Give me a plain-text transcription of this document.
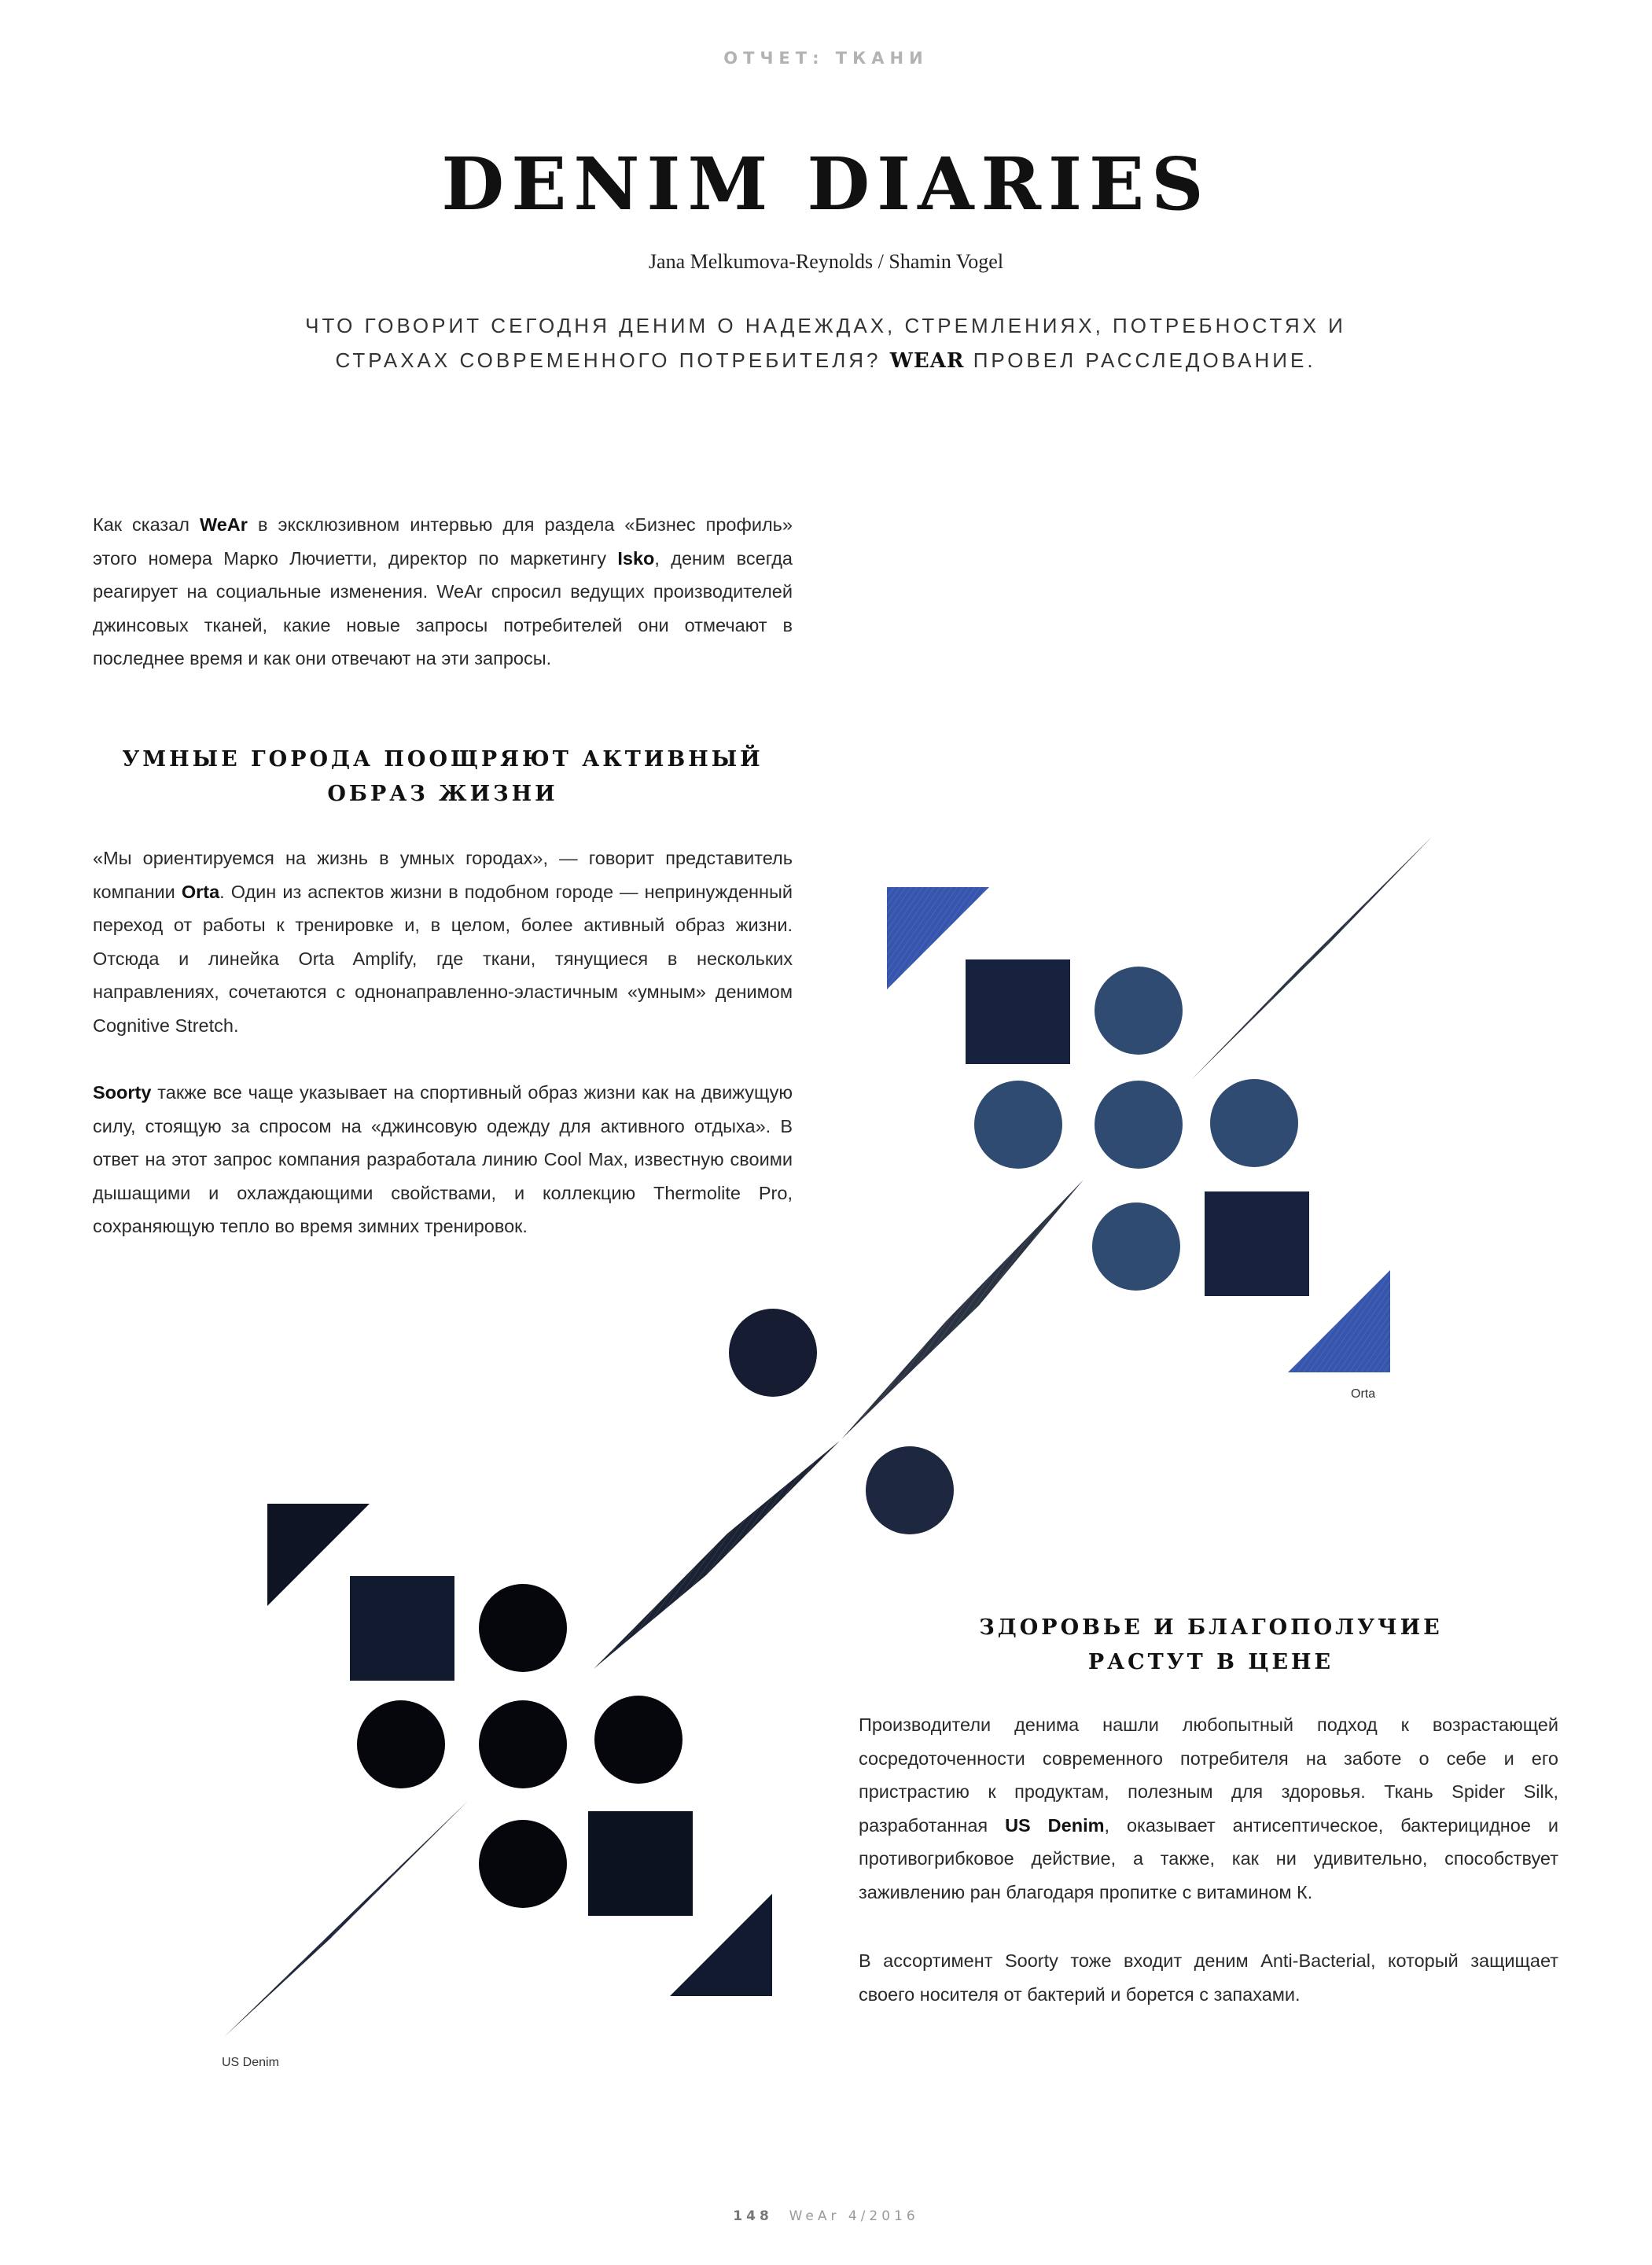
ОТЧЕТ: ТКАНИ
DENIM DIARIES
Jana Melkumova-Reynolds / Shamin Vogel
ЧТО ГОВОРИТ СЕГОДНЯ ДЕНИМ О НАДЕЖДАХ, СТРЕМЛЕНИЯХ, ПОТРЕБНОСТЯХ И СТРАХАХ СОВРЕМЕННОГО ПОТРЕБИТЕЛЯ? WEAR ПРОВЕЛ РАССЛЕДОВАНИЕ.

Как сказал WeAr в эксклюзивном интервью для раздела «Бизнес профиль» этого номера Марко Лючиетти, директор по маркетингу Isko, деним всегда реагирует на социальные изменения. WeAr спросил ведущих производителей джинсовых тканей, какие новые запросы потребителей они отмечают в последнее время и как они отвечают на эти запросы.

УМНЫЕ ГОРОДА ПООЩРЯЮТ АКТИВНЫЙ
ОБРАЗ ЖИЗНИ

«Мы ориентируемся на жизнь в умных городах», — говорит представитель компании Orta. Один из аспектов жизни в подобном городе — непринужденный переход от работы к тренировке и, в целом, более активный образ жизни. Отсюда и линейка Orta Amplify, где ткани, тянущиеся в нескольких направлениях, сочетаются с однонаправленно-эластичным «умным» денимом Cognitive Stretch.

Soorty также все чаще указывает на спортивный образ жизни как на движущую силу, стоящую за спросом на «джинсовую одежду для активного отдыха». В ответ на этот запрос компания разработала линию Cool Max, известную своими дышащими и охлаждающими свойствами, и коллекцию Thermolite Pro, сохраняющую тепло во время зимних тренировок.

Orta
US Denim
ЗДОРОВЬЕ И БЛАГОПОЛУЧИЕ
РАСТУТ В ЦЕНЕ

Производители денима нашли любопытный подход к возрастающей сосредоточенности современного потребителя на заботе о себе и его пристрастию к продуктам, полезным для здоровья. Ткань Spider Silk, разработанная US Denim, оказывает антисептическое, бактерицидное и противогрибковое действие, а также, как ни удивительно, способствует заживлению ран благодаря пропитке с витамином К.

В ассортимент Soorty тоже входит деним Anti-Bacterial, который защищает своего носителя от бактерий и борется с запахами.

148 WeAr 4/2016
